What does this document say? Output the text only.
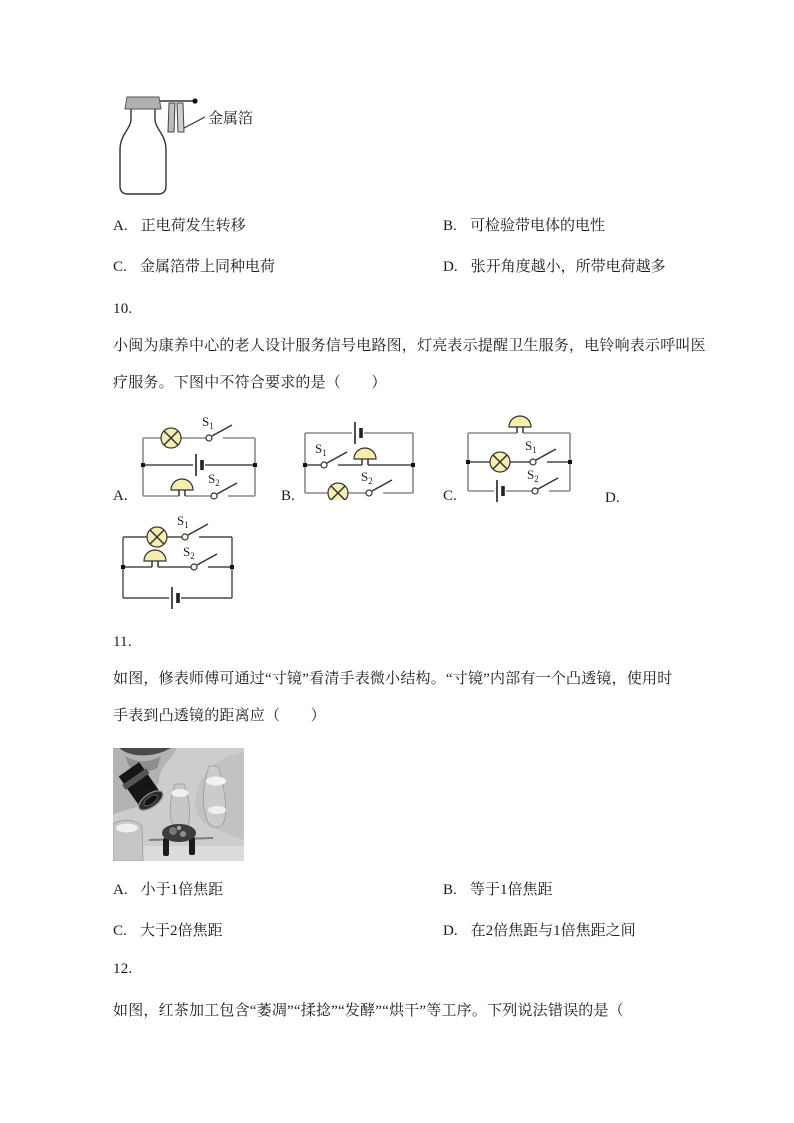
金属箔
A. 正电荷发生转移	B. 可检验带电体的电性
C. 金属箔带上同种电荷	D. 张开角度越小，所带电荷越多
10.
小闽为康养中心的老人设计服务信号电路图，灯亮表示提醒卫生服务，电铃响表示呼叫医
疗服务。下图中不符合要求的是（　　）
$S_1$
$S_2$
A.
$S_1$
$S_2$
B.
$S_1$
$S_2$
C.	D.
$S_1$
$S_2$
11.
如图，修表师傅可通过“寸镜”看清手表微小结构。“寸镜”内部有一个凸透镜，使用时
手表到凸透镜的距离应（　　）
A. 小于1倍焦距	B. 等于1倍焦距
C. 大于2倍焦距	D. 在2倍焦距与1倍焦距之间
12.
如图，红茶加工包含“萎凋”“揉捻”“发酵”“烘干”等工序。下列说法错误的是（
